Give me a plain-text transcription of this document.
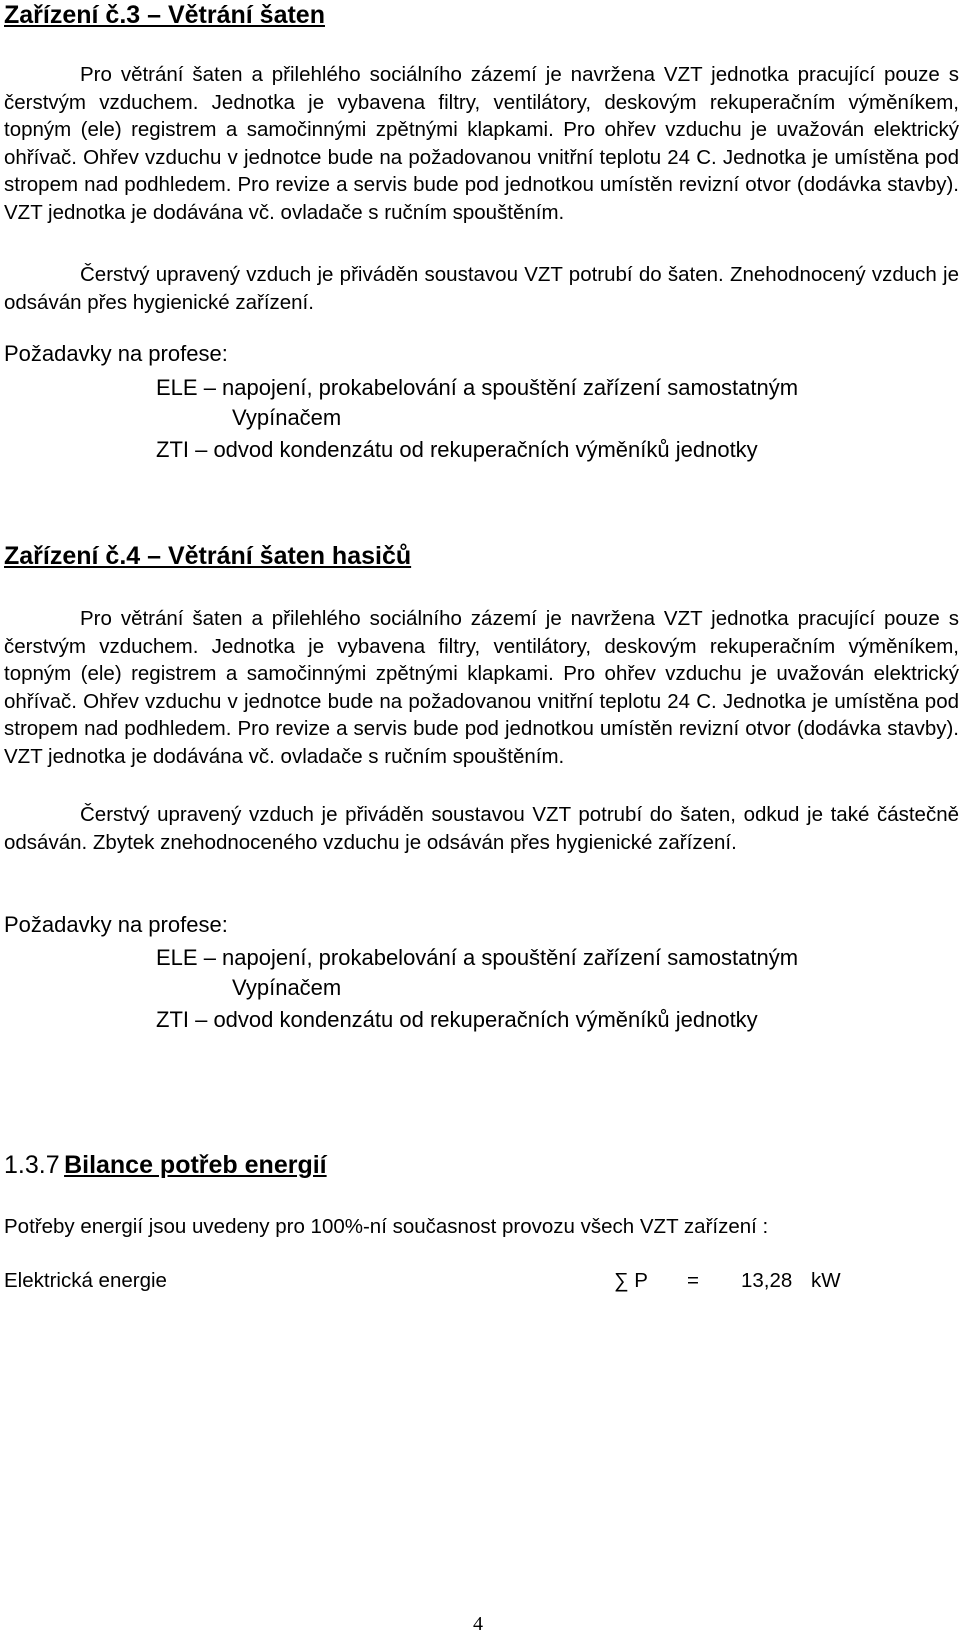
Zařízení č.3 – Větrání šaten

Pro větrání šaten a přilehlého sociálního zázemí je navržena VZT jednotka pracující pouze s čerstvým vzduchem. Jednotka je vybavena filtry, ventilátory, deskovým rekuperačním výměníkem, topným (ele) registrem a samočinnými zpětnými klapkami. Pro ohřev vzduchu je uvažován elektrický ohřívač. Ohřev vzduchu v jednotce bude na požadovanou vnitřní teplotu 24 C. Jednotka je umístěna pod stropem nad podhledem. Pro revize a servis bude pod jednotkou umístěn revizní otvor (dodávka stavby). VZT jednotka je dodávána vč. ovladače s ručním spouštěním.

Čerstvý upravený vzduch je přiváděn soustavou VZT potrubí do šaten. Znehodnocený vzduch je odsáván přes hygienické zařízení.

Požadavky na profese:

ELE – napojení, prokabelování a spouštění zařízení samostatným

Vypínačem

ZTI – odvod kondenzátu od rekuperačních výměníků jednotky

Zařízení č.4 – Větrání šaten hasičů

Pro větrání šaten a přilehlého sociálního zázemí je navržena VZT jednotka pracující pouze s čerstvým vzduchem. Jednotka je vybavena filtry, ventilátory, deskovým rekuperačním výměníkem, topným (ele) registrem a samočinnými zpětnými klapkami. Pro ohřev vzduchu je uvažován elektrický ohřívač. Ohřev vzduchu v jednotce bude na požadovanou vnitřní teplotu 24 C. Jednotka je umístěna pod stropem nad podhledem. Pro revize a servis bude pod jednotkou umístěn revizní otvor (dodávka stavby). VZT jednotka je dodávána vč. ovladače s ručním spouštěním.

Čerstvý upravený vzduch je přiváděn soustavou VZT potrubí do šaten, odkud je také částečně odsáván. Zbytek znehodnoceného vzduchu je odsáván přes hygienické zařízení.

Požadavky na profese:

ELE – napojení, prokabelování a spouštění zařízení samostatným

Vypínačem

ZTI – odvod kondenzátu od rekuperačních výměníků jednotky

1.3.7 Bilance potřeb energií

Potřeby energií jsou uvedeny pro 100%-ní současnost provozu všech VZT zařízení :

Elektrická energie	∑ P = 13,28 kW
4
